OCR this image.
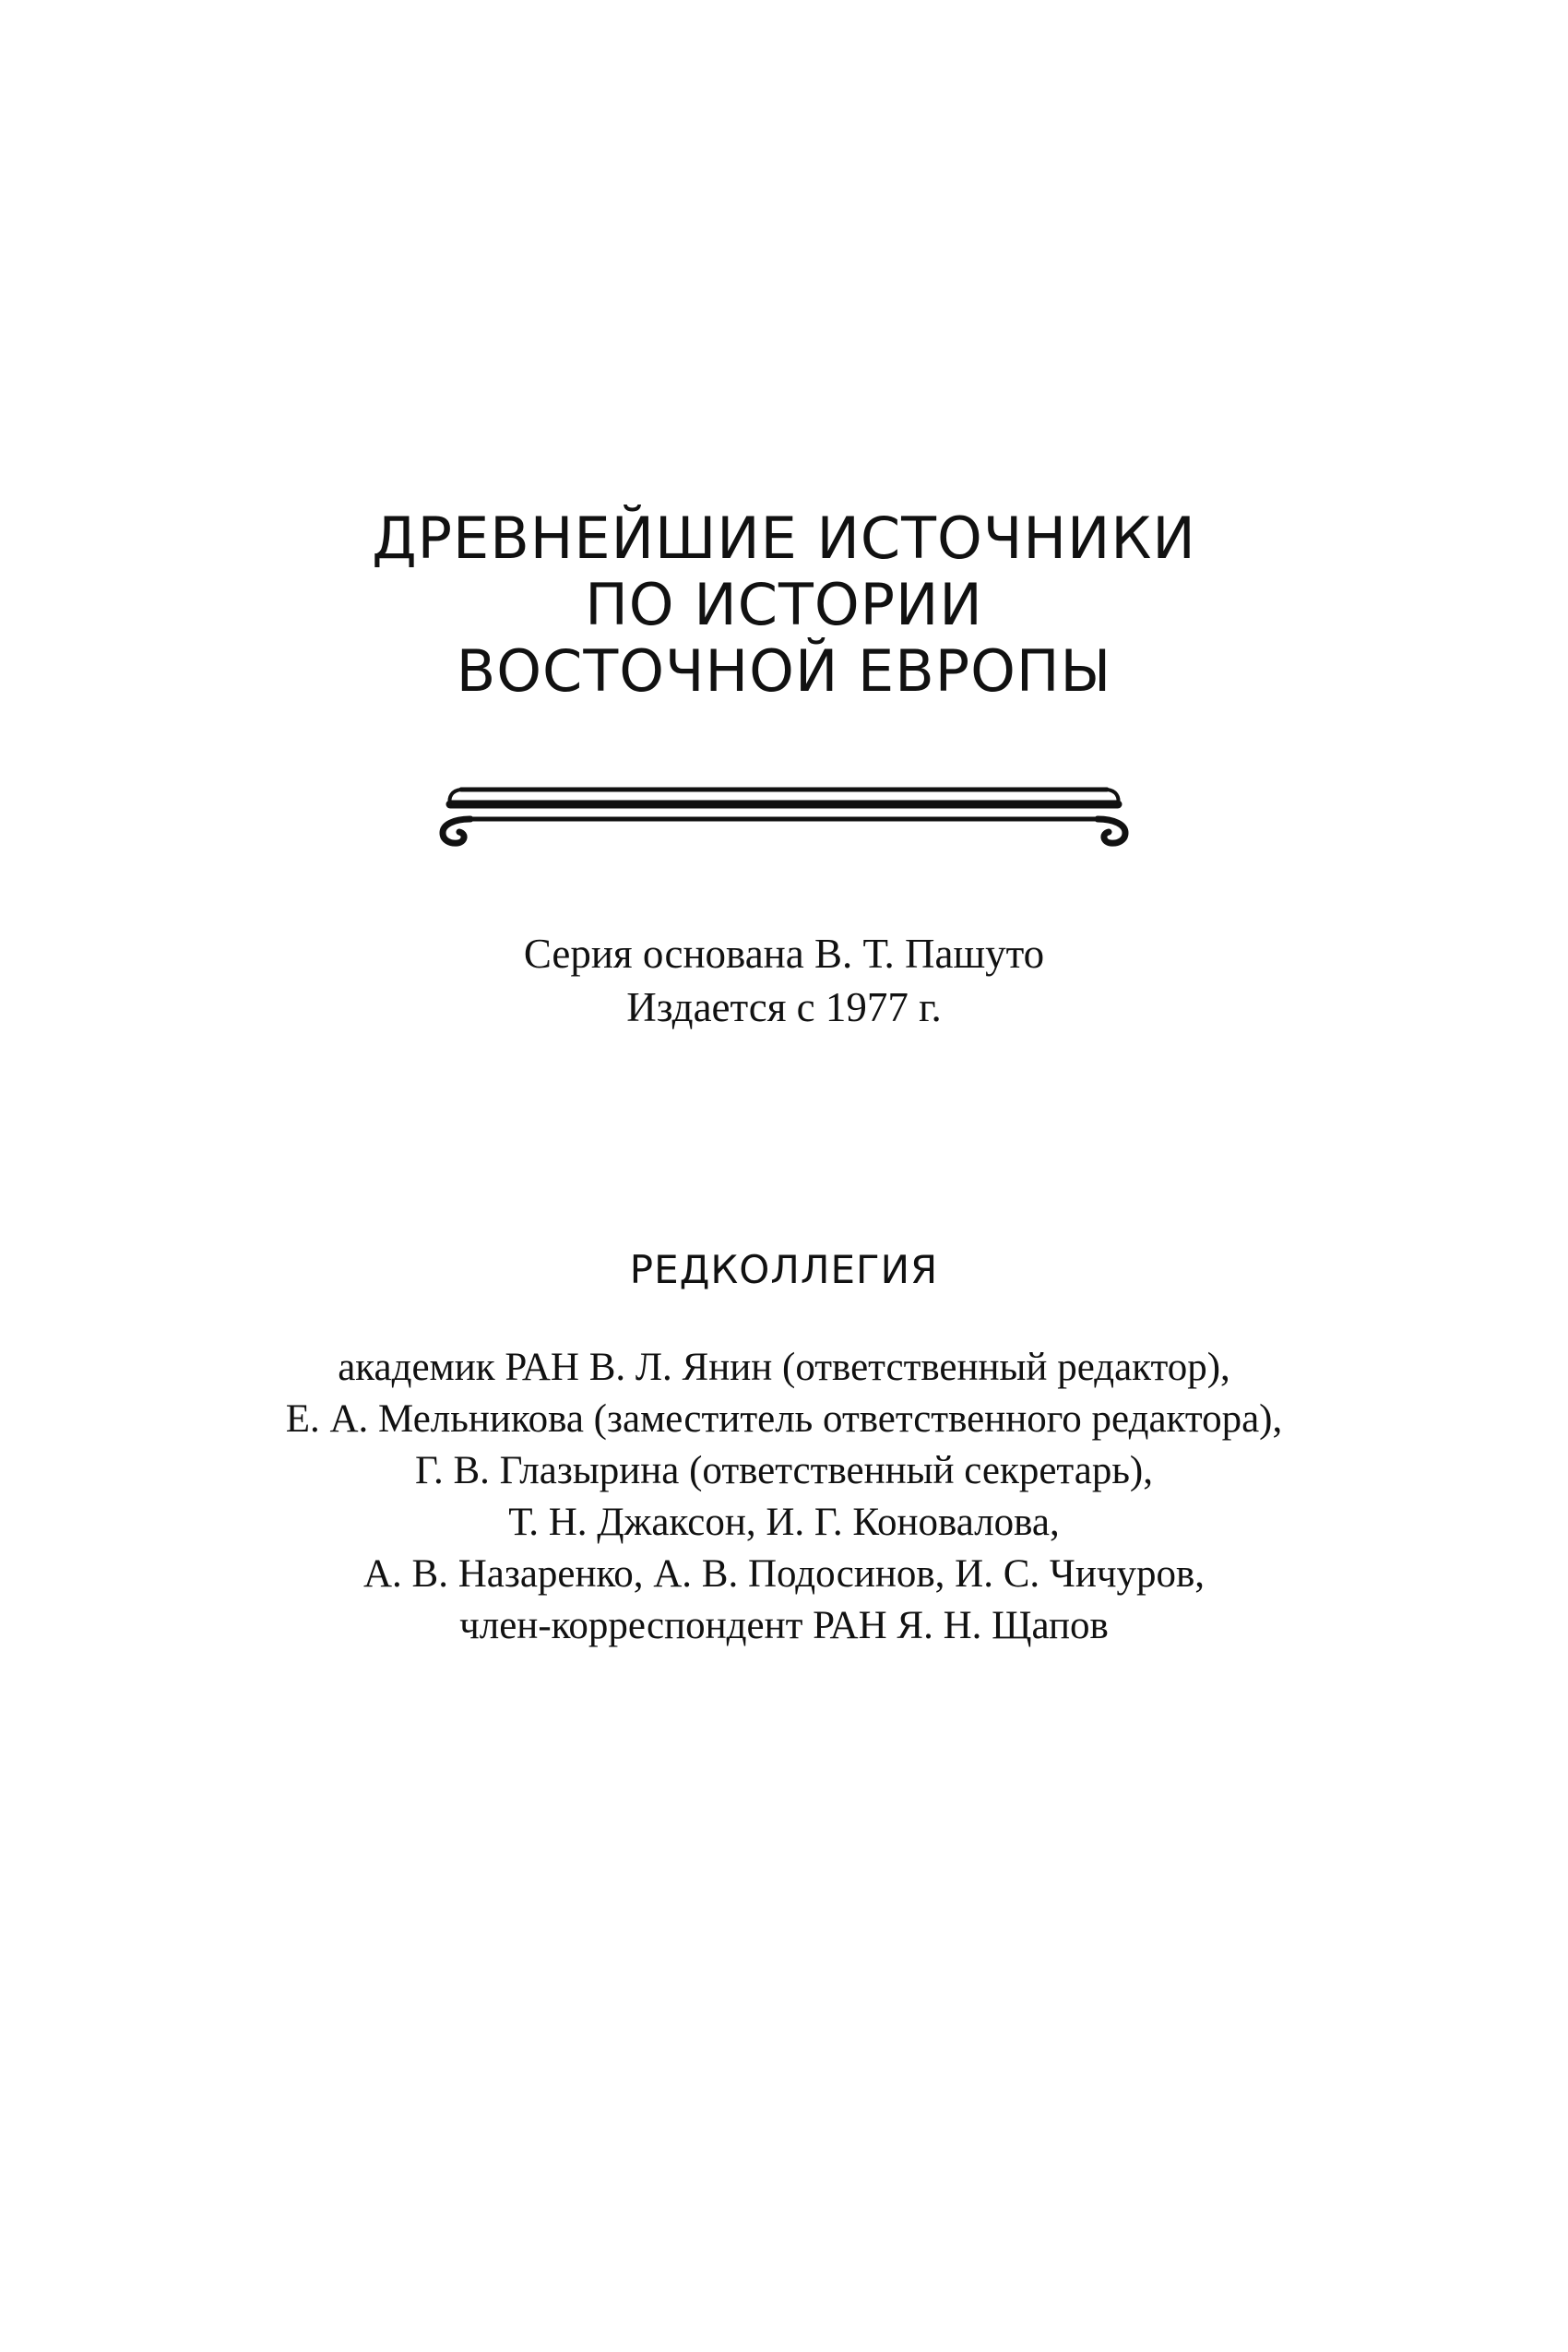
ДРЕВНЕЙШИЕ ИСТОЧНИКИ
ПО ИСТОРИИ
ВОСТОЧНОЙ ЕВРОПЫ
Серия основана В. Т. Пашуто
Издается с 1977 г.
РЕДКОЛЛЕГИЯ
академик РАН В. Л. Янин (ответственный редактор),
Е. А. Мельникова (заместитель ответственного редактора),
Г. В. Глазырина (ответственный секретарь),
Т. Н. Джаксон, И. Г. Коновалова,
А. В. Назаренко, А. В. Подосинов, И. С. Чичуров,
член-корреспондент РАН Я. Н. Щапов
